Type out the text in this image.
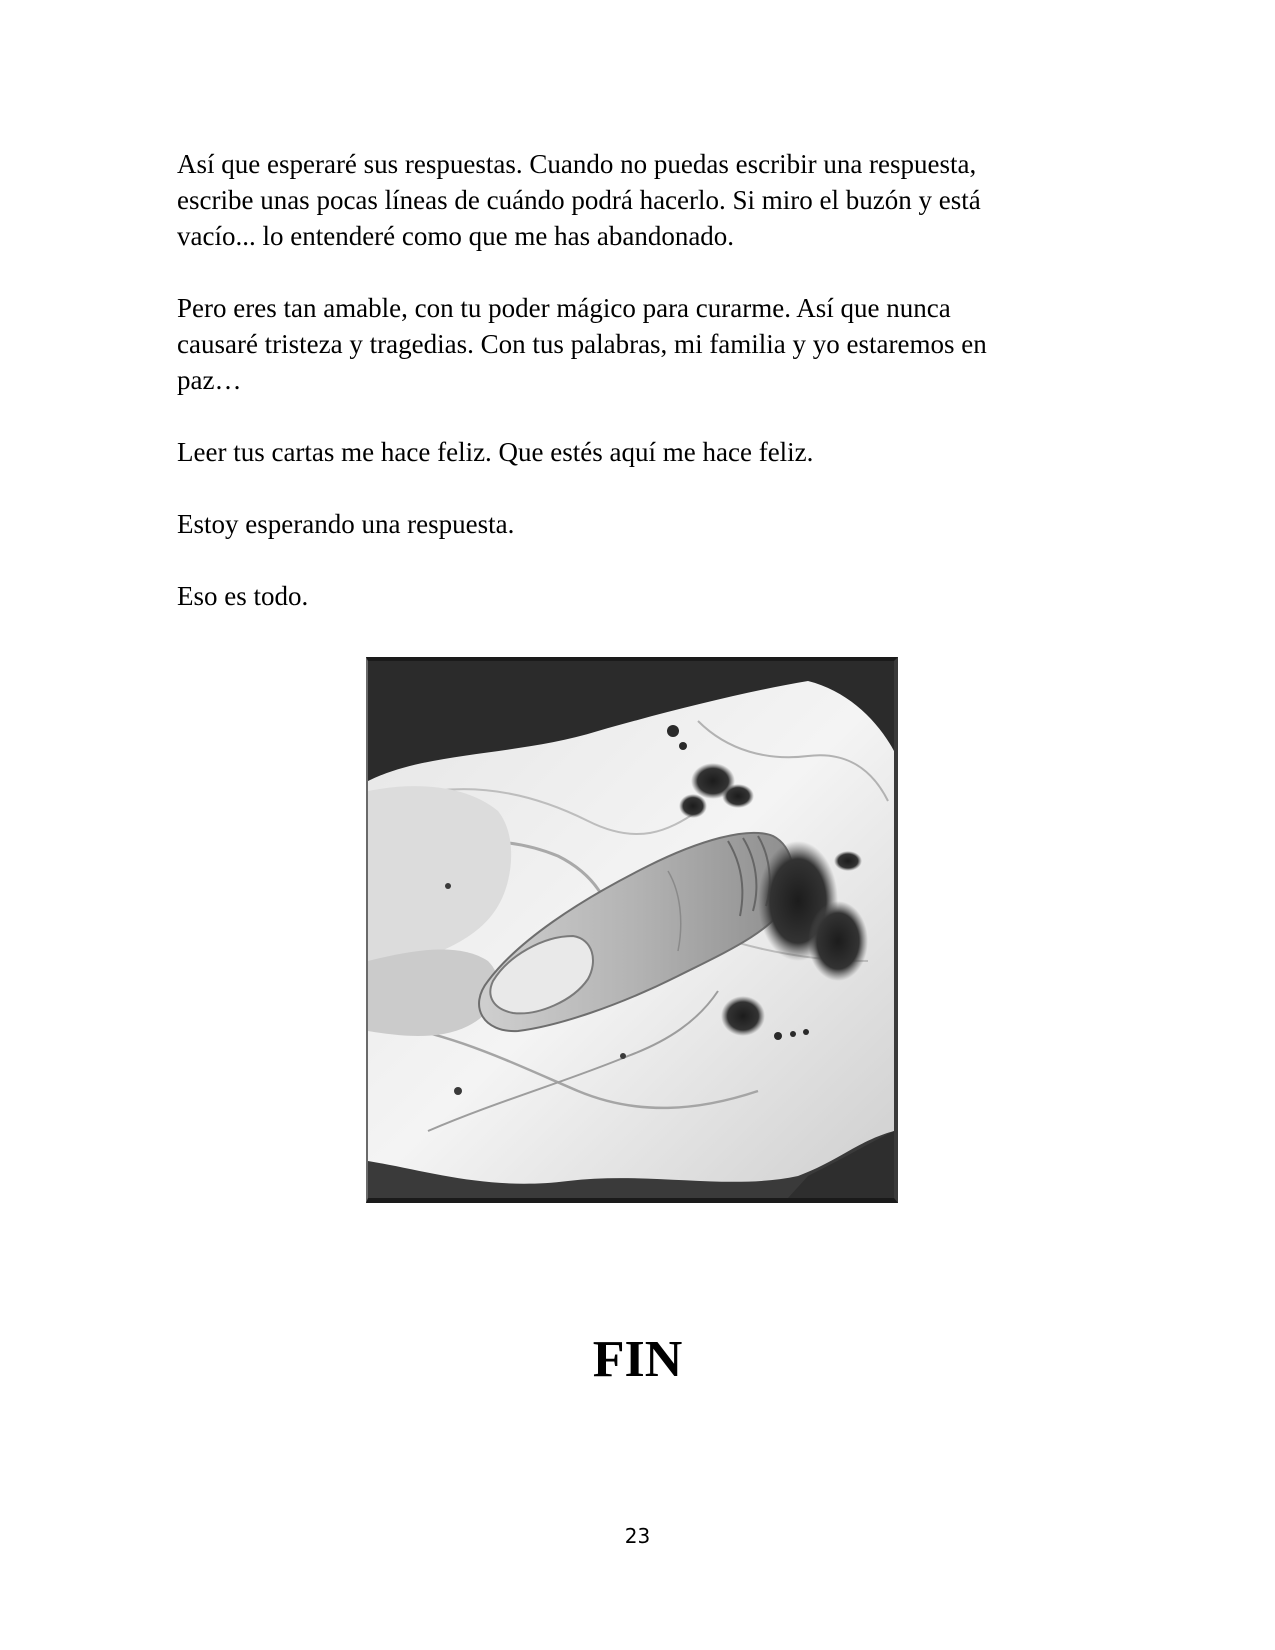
Así que esperaré sus respuestas. Cuando no puedas escribir una respuesta,
escribe unas pocas líneas de cuándo podrá hacerlo. Si miro el buzón y está
vacío... lo entenderé como que me has abandonado.

Pero eres tan amable, con tu poder mágico para curarme. Así que nunca
causaré tristeza y tragedias. Con tus palabras, mi familia y yo estaremos en
paz…

Leer tus cartas me hace feliz. Que estés aquí me hace feliz.

Estoy esperando una respuesta.

Eso es todo.

FIN
23
